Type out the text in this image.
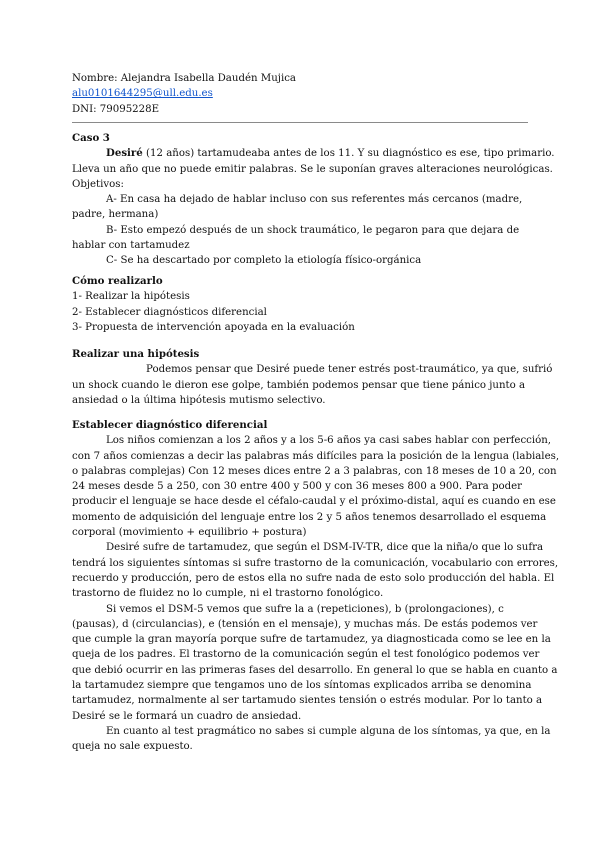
Nombre: Alejandra Isabella Daudén Mujica
alu0101644295@ull.edu.es
DNI: 79095228E
Caso 3
Desiré (12 años) tartamudeaba antes de los 11. Y su diagnóstico es ese, tipo primario.
Lleva un año que no puede emitir palabras. Se le suponían graves alteraciones neurológicas.
Objetivos:
A- En casa ha dejado de hablar incluso con sus referentes más cercanos (madre,
padre, hermana)
B- Esto empezó después de un shock traumático, le pegaron para que dejara de
hablar con tartamudez
C- Se ha descartado por completo la etiología físico-orgánica
Cómo realizarlo
1- Realizar la hipótesis
2- Establecer diagnósticos diferencial
3- Propuesta de intervención apoyada en la evaluación
Realizar una hipótesis
Podemos pensar que Desiré puede tener estrés post-traumático, ya que, sufrió
un shock cuando le dieron ese golpe, también podemos pensar que tiene pánico junto a
ansiedad o la última hipótesis mutismo selectivo.
Establecer diagnóstico diferencial
Los niños comienzan a los 2 años y a los 5-6 años ya casi sabes hablar con perfección,
con 7 años comienzas a decir las palabras más difíciles para la posición de la lengua (labiales,
o palabras complejas) Con 12 meses dices entre 2 a 3 palabras, con 18 meses de 10 a 20, con
24 meses desde 5 a 250, con 30 entre 400 y 500 y con 36 meses 800 a 900. Para poder
producir el lenguaje se hace desde el céfalo-caudal y el próximo-distal, aquí es cuando en ese
momento de adquisición del lenguaje entre los 2 y 5 años tenemos desarrollado el esquema
corporal (movimiento + equilibrio + postura)
Desiré sufre de tartamudez, que según el DSM-IV-TR, dice que la niña/o que lo sufra
tendrá los siguientes síntomas si sufre trastorno de la comunicación, vocabulario con errores,
recuerdo y producción, pero de estos ella no sufre nada de esto solo producción del habla. El
trastorno de fluidez no lo cumple, ni el trastorno fonológico.
Si vemos el DSM-5 vemos que sufre la a (repeticiones), b (prolongaciones), c
(pausas), d (circulancias), e (tensión en el mensaje), y muchas más. De estás podemos ver
que cumple la gran mayoría porque sufre de tartamudez, ya diagnosticada como se lee en la
queja de los padres. El trastorno de la comunicación según el test fonológico podemos ver
que debió ocurrir en las primeras fases del desarrollo. En general lo que se habla en cuanto a
la tartamudez siempre que tengamos uno de los síntomas explicados arriba se denomina
tartamudez, normalmente al ser tartamudo sientes tensión o estrés modular. Por lo tanto a
Desiré se le formará un cuadro de ansiedad.
En cuanto al test pragmático no sabes si cumple alguna de los síntomas, ya que, en la
queja no sale expuesto.
